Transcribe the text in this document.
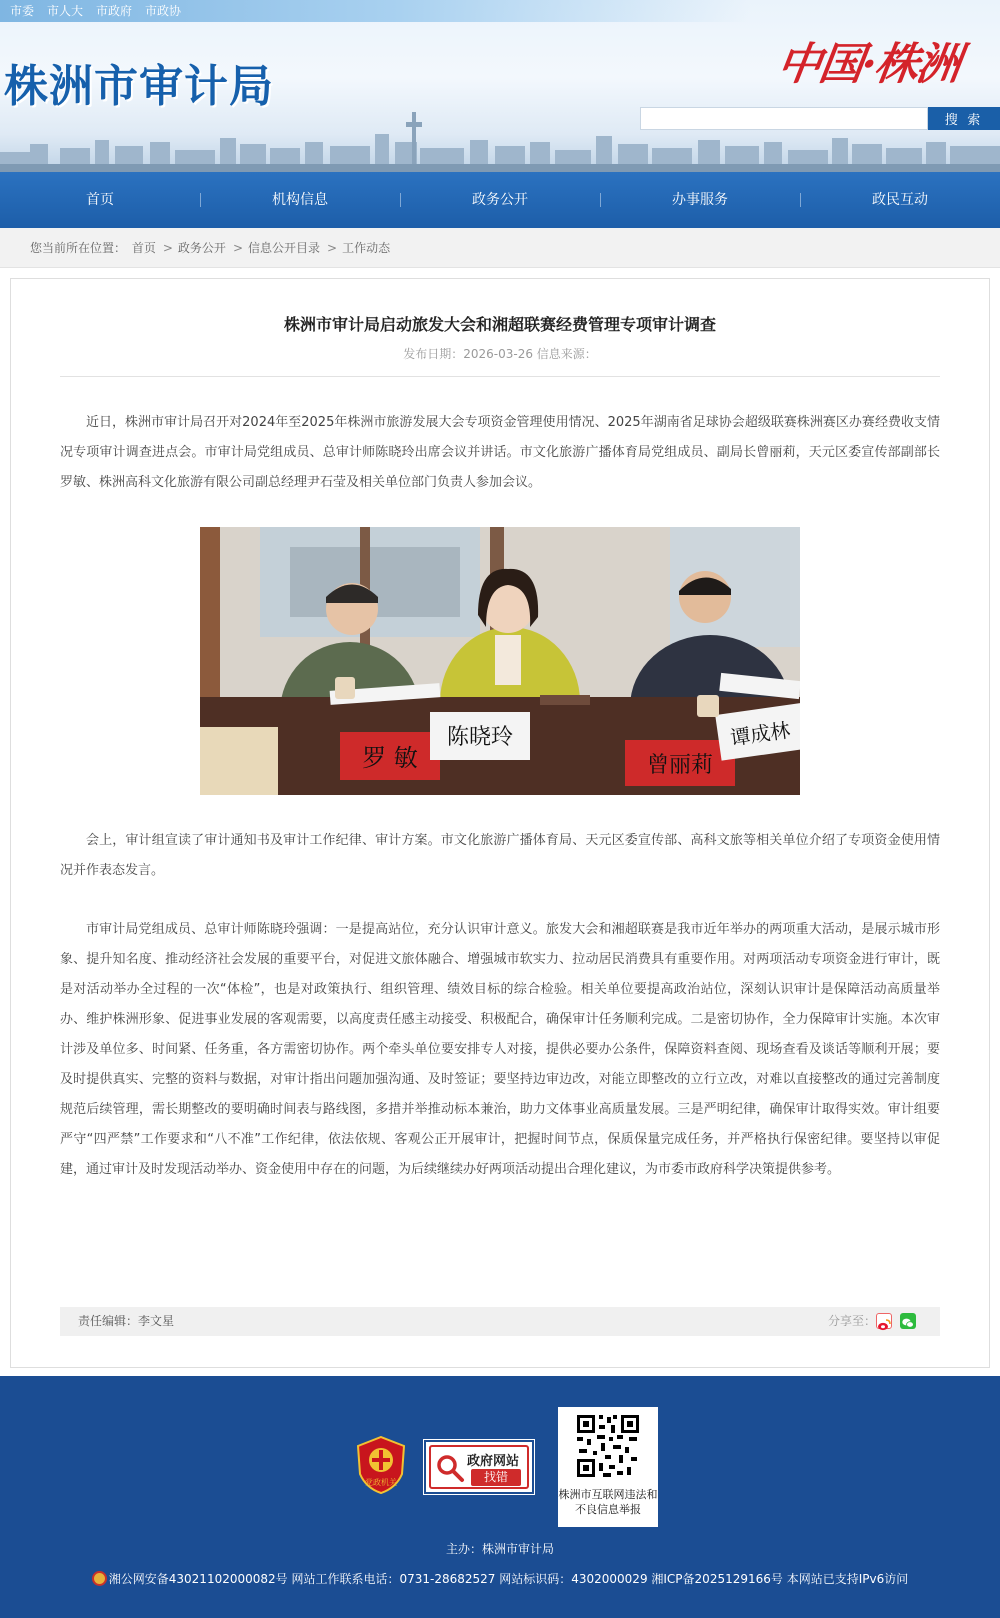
株洲市审计局	中国·株洲
搜 索
市委 市人大 市政府 市政协
首页	机构信息	政务公开	办事服务	政民互动
您当前所在位置： 首页 > 政务公开 > 信息公开目录 > 工作动态
株洲市审计局启动旅发大会和湘超联赛经费管理专项审计调查
发布日期：2026-03-26 信息来源：
近日，株洲市审计局召开对2024年至2025年株洲市旅游发展大会专项资金管理使用情况、2025年湖南省足球协会超级联赛株洲赛区办赛经费收支情况专项审计调查进点会。市审计局党组成员、总审计师陈晓玲出席会议并讲话。市文化旅游广播体育局党组成员、副局长曾丽莉，天元区委宣传部副部长罗敏、株洲高科文化旅游有限公司副总经理尹石莹及相关单位部门负责人参加会议。
罗 敏
陈晓玲
曾丽莉
谭成林
会上，审计组宣读了审计通知书及审计工作纪律、审计方案。市文化旅游广播体育局、天元区委宣传部、高科文旅等相关单位介绍了专项资金使用情况并作表态发言。
市审计局党组成员、总审计师陈晓玲强调：一是提高站位，充分认识审计意义。旅发大会和湘超联赛是我市近年举办的两项重大活动，是展示城市形象、提升知名度、推动经济社会发展的重要平台，对促进文旅体融合、增强城市软实力、拉动居民消费具有重要作用。对两项活动专项资金进行审计，既是对活动举办全过程的一次“体检”，也是对政策执行、组织管理、绩效目标的综合检验。相关单位要提高政治站位，深刻认识审计是保障活动高质量举办、维护株洲形象、促进事业发展的客观需要，以高度责任感主动接受、积极配合，确保审计任务顺利完成。二是密切协作，全力保障审计实施。本次审计涉及单位多、时间紧、任务重，各方需密切协作。两个牵头单位要安排专人对接，提供必要办公条件，保障资料查阅、现场查看及谈话等顺利开展；要及时提供真实、完整的资料与数据，对审计指出问题加强沟通、及时签证；要坚持边审边改，对能立即整改的立行立改，对难以直接整改的通过完善制度规范后续管理，需长期整改的要明确时间表与路线图，多措并举推动标本兼治，助力文体事业高质量发展。三是严明纪律，确保审计取得实效。审计组要严守“四严禁”工作要求和“八不准”工作纪律，依法依规、客观公正开展审计，把握时间节点，保质保量完成任务，并严格执行保密纪律。要坚持以审促建，通过审计及时发现活动举办、资金使用中存在的问题，为后续继续办好两项活动提出合理化建议，为市委市政府科学决策提供参考。
责任编辑：李文星	分享至：
党政机关
政府网站
找错
株洲市互联网违法和不良信息举报
主办：株洲市审计局
湘公网安备43021102000082号 网站工作联系电话：0731-28682527 网站标识码：4302000029 湘ICP备2025129166号 本网站已支持IPv6访问
